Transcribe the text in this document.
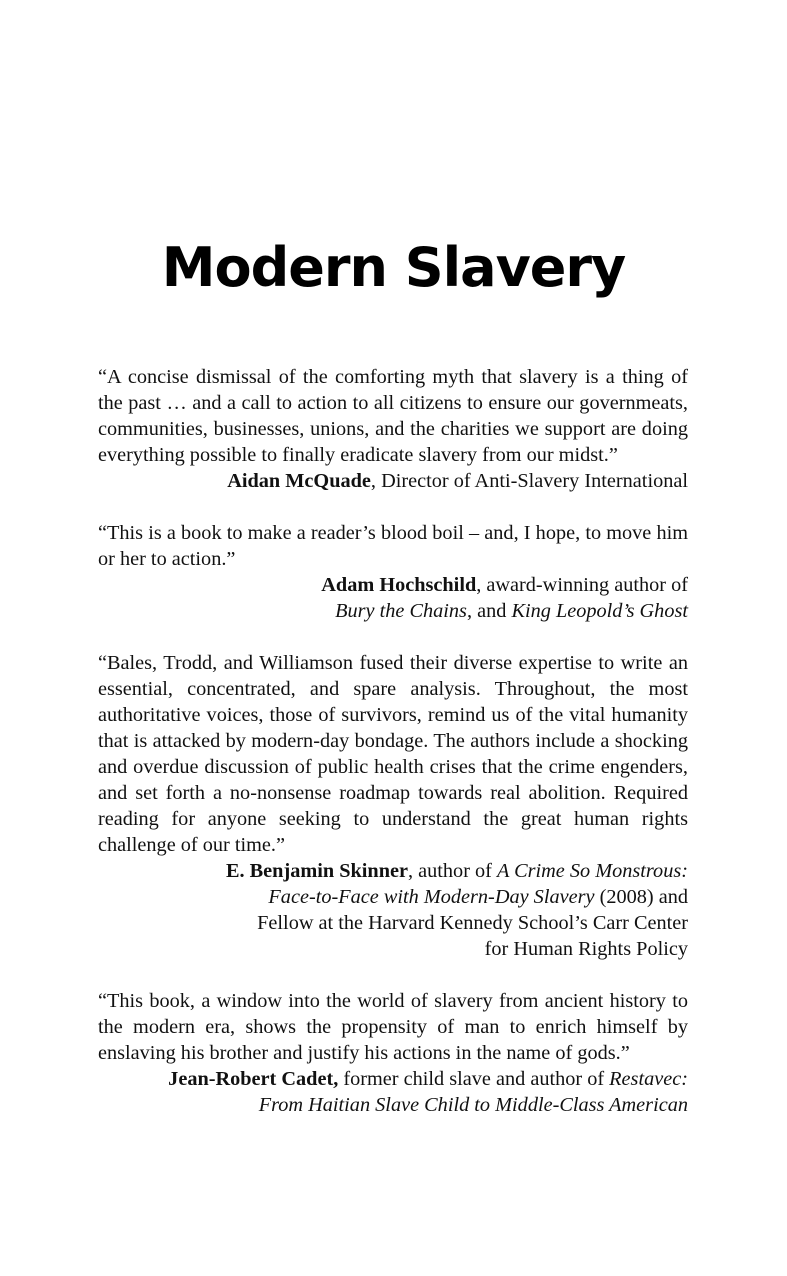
Modern Slavery

“A concise dismissal of the comforting myth that slavery is a thing of the past … and a call to action to all citizens to ensure our governmeats, communities, businesses, unions, and the charities we support are doing everything possible to finally eradicate slavery from our midst.”

Aidan McQuade, Director of Anti-Slavery International

“This is a book to make a reader’s blood boil – and, I hope, to move him or her to action.”

Adam Hochschild, award-winning author of
Bury the Chains, and King Leopold’s Ghost

“Bales, Trodd, and Williamson fused their diverse expertise to write an essential, concentrated, and spare analysis. Throughout, the most authoritative voices, those of survivors, remind us of the vital humanity that is attacked by modern-day bondage. The authors include a shocking and overdue discussion of public health crises that the crime engenders, and set forth a no-nonsense roadmap towards real abolition. Required reading for anyone seeking to understand the great human rights challenge of our time.”

E. Benjamin Skinner, author of A Crime So Monstrous:
Face-to-Face with Modern-Day Slavery (2008) and
Fellow at the Harvard Kennedy School’s Carr Center
for Human Rights Policy

“This book, a window into the world of slavery from ancient history to the modern era, shows the propensity of man to enrich himself by enslaving his brother and justify his actions in the name of gods.”

Jean-Robert Cadet, former child slave and author of Restavec:
From Haitian Slave Child to Middle-Class American
